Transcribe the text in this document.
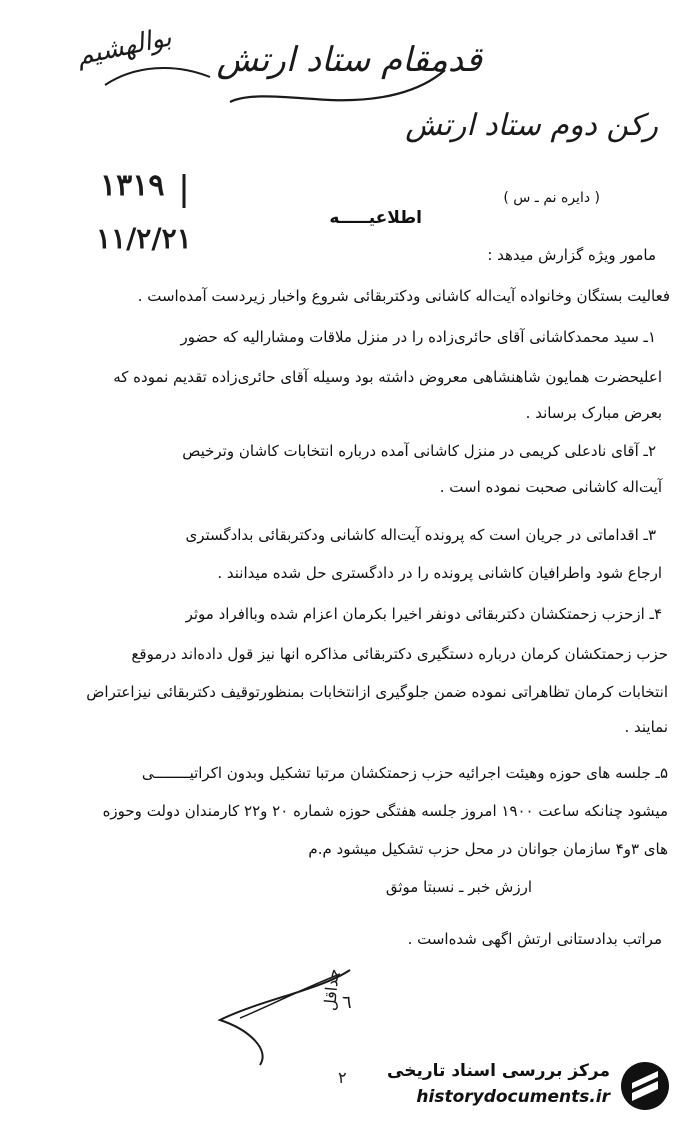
قدمقام ستاد ارتش
بوالهشیم
رکن دوم ستاد ارتش
۱۳۱۹
۱۱/۲/۲۱
( دایره نم ـ س )
اطلاعیـــــه
مامور ویژه گزارش میدهد :
فعالیت بستگان وخانواده آیت‌اله کاشانی ودکتربقائی شروع واخبار زیردست آمده‌است .
۱ـ سید محمدکاشانی آقای حائری‌زاده را در منزل ملاقات ومشارالیه که حضور
اعلیحضرت همایون شاهنشاهی معروض داشته بود وسیله آقای حائری‌زاده تقدیم نموده که
بعرض مبارک برساند .
۲ـ آقای نادعلی کریمی در منزل کاشانی آمده درباره انتخابات کاشان وترخیص
آیت‌اله کاشانی صحبت نموده است .
۳ـ اقداماتی در جریان است که پرونده آیت‌اله کاشانی ودکتربقائی بدادگستری
ارجاع شود واطرافیان کاشانی پرونده را در دادگستری حل شده میدانند .
۴ـ ازحزب زحمتکشان دکتربقائی دونفر اخیرا بکرمان اعزام شده وباافراد موثر
حزب زحمتکشان کرمان درباره دستگیری دکتربقائی مذاکره انها نیز قول داده‌اند درموقع
انتخابات کرمان تظاهراتی نموده ضمن جلوگیری ازانتخابات بمنظورتوقیف دکتربقائی نیزاعتراض
نمایند .
۵ـ جلسه های حوزه وهیئت اجرائیه حزب زحمتکشان مرتبا تشکیل وبدون اکراتیــــــــی
میشود چنانکه ساعت ۱۹۰۰ امروز جلسه هفتگی حوزه شماره ۲۰ و۲۲ کارمندان دولت وحوزه
های ۳و۴ سازمان جوانان در محل حزب تشکیل میشود م.م
ارزش خبر ـ نسبتا موثق
مراتب بدادستانی ارتش اگهی شده‌است .
حداقل ٦
٢ مرکز بررسی اسناد تاریخی
historydocuments.ir
